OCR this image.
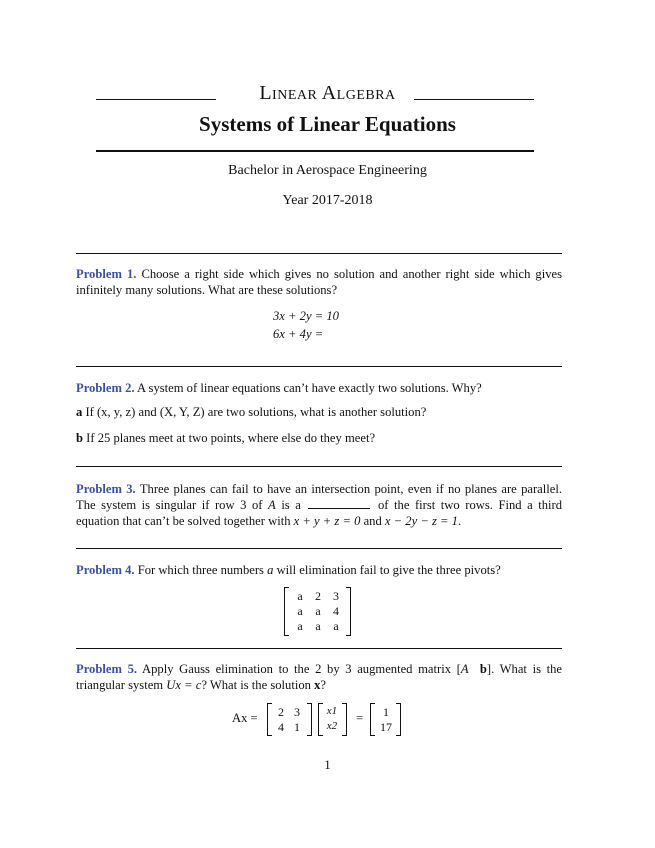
Linear Algebra
Systems of Linear Equations
Bachelor in Aerospace Engineering
Year 2017-2018
Problem 1. Choose a right side which gives no solution and another right side which gives infinitely many solutions. What are these solutions?
3x + 2y = 10
6x + 4y =
Problem 2. A system of linear equations can’t have exactly two solutions. Why?
a If (x, y, z) and (X, Y, Z) are two solutions, what is another solution?
b If 25 planes meet at two points, where else do they meet?
Problem 3. Three planes can fail to have an intersection point, even if no planes are parallel. The system is singular if row 3 of A is a	of the first two rows. Find a third equation that can’t be solved together with x + y + z = 0 and x − 2y − z = 1.
Problem 4. For which three numbers a will elimination fail to give the three pivots?
a	2	3
a	a	4
a	a	a
Problem 5. Apply Gauss elimination to the 2 by 3 augmented matrix [A b]. What is the triangular system Ux = c? What is the solution x?
Ax =	2 3
4 1
x1
x2
=	1
17
1
